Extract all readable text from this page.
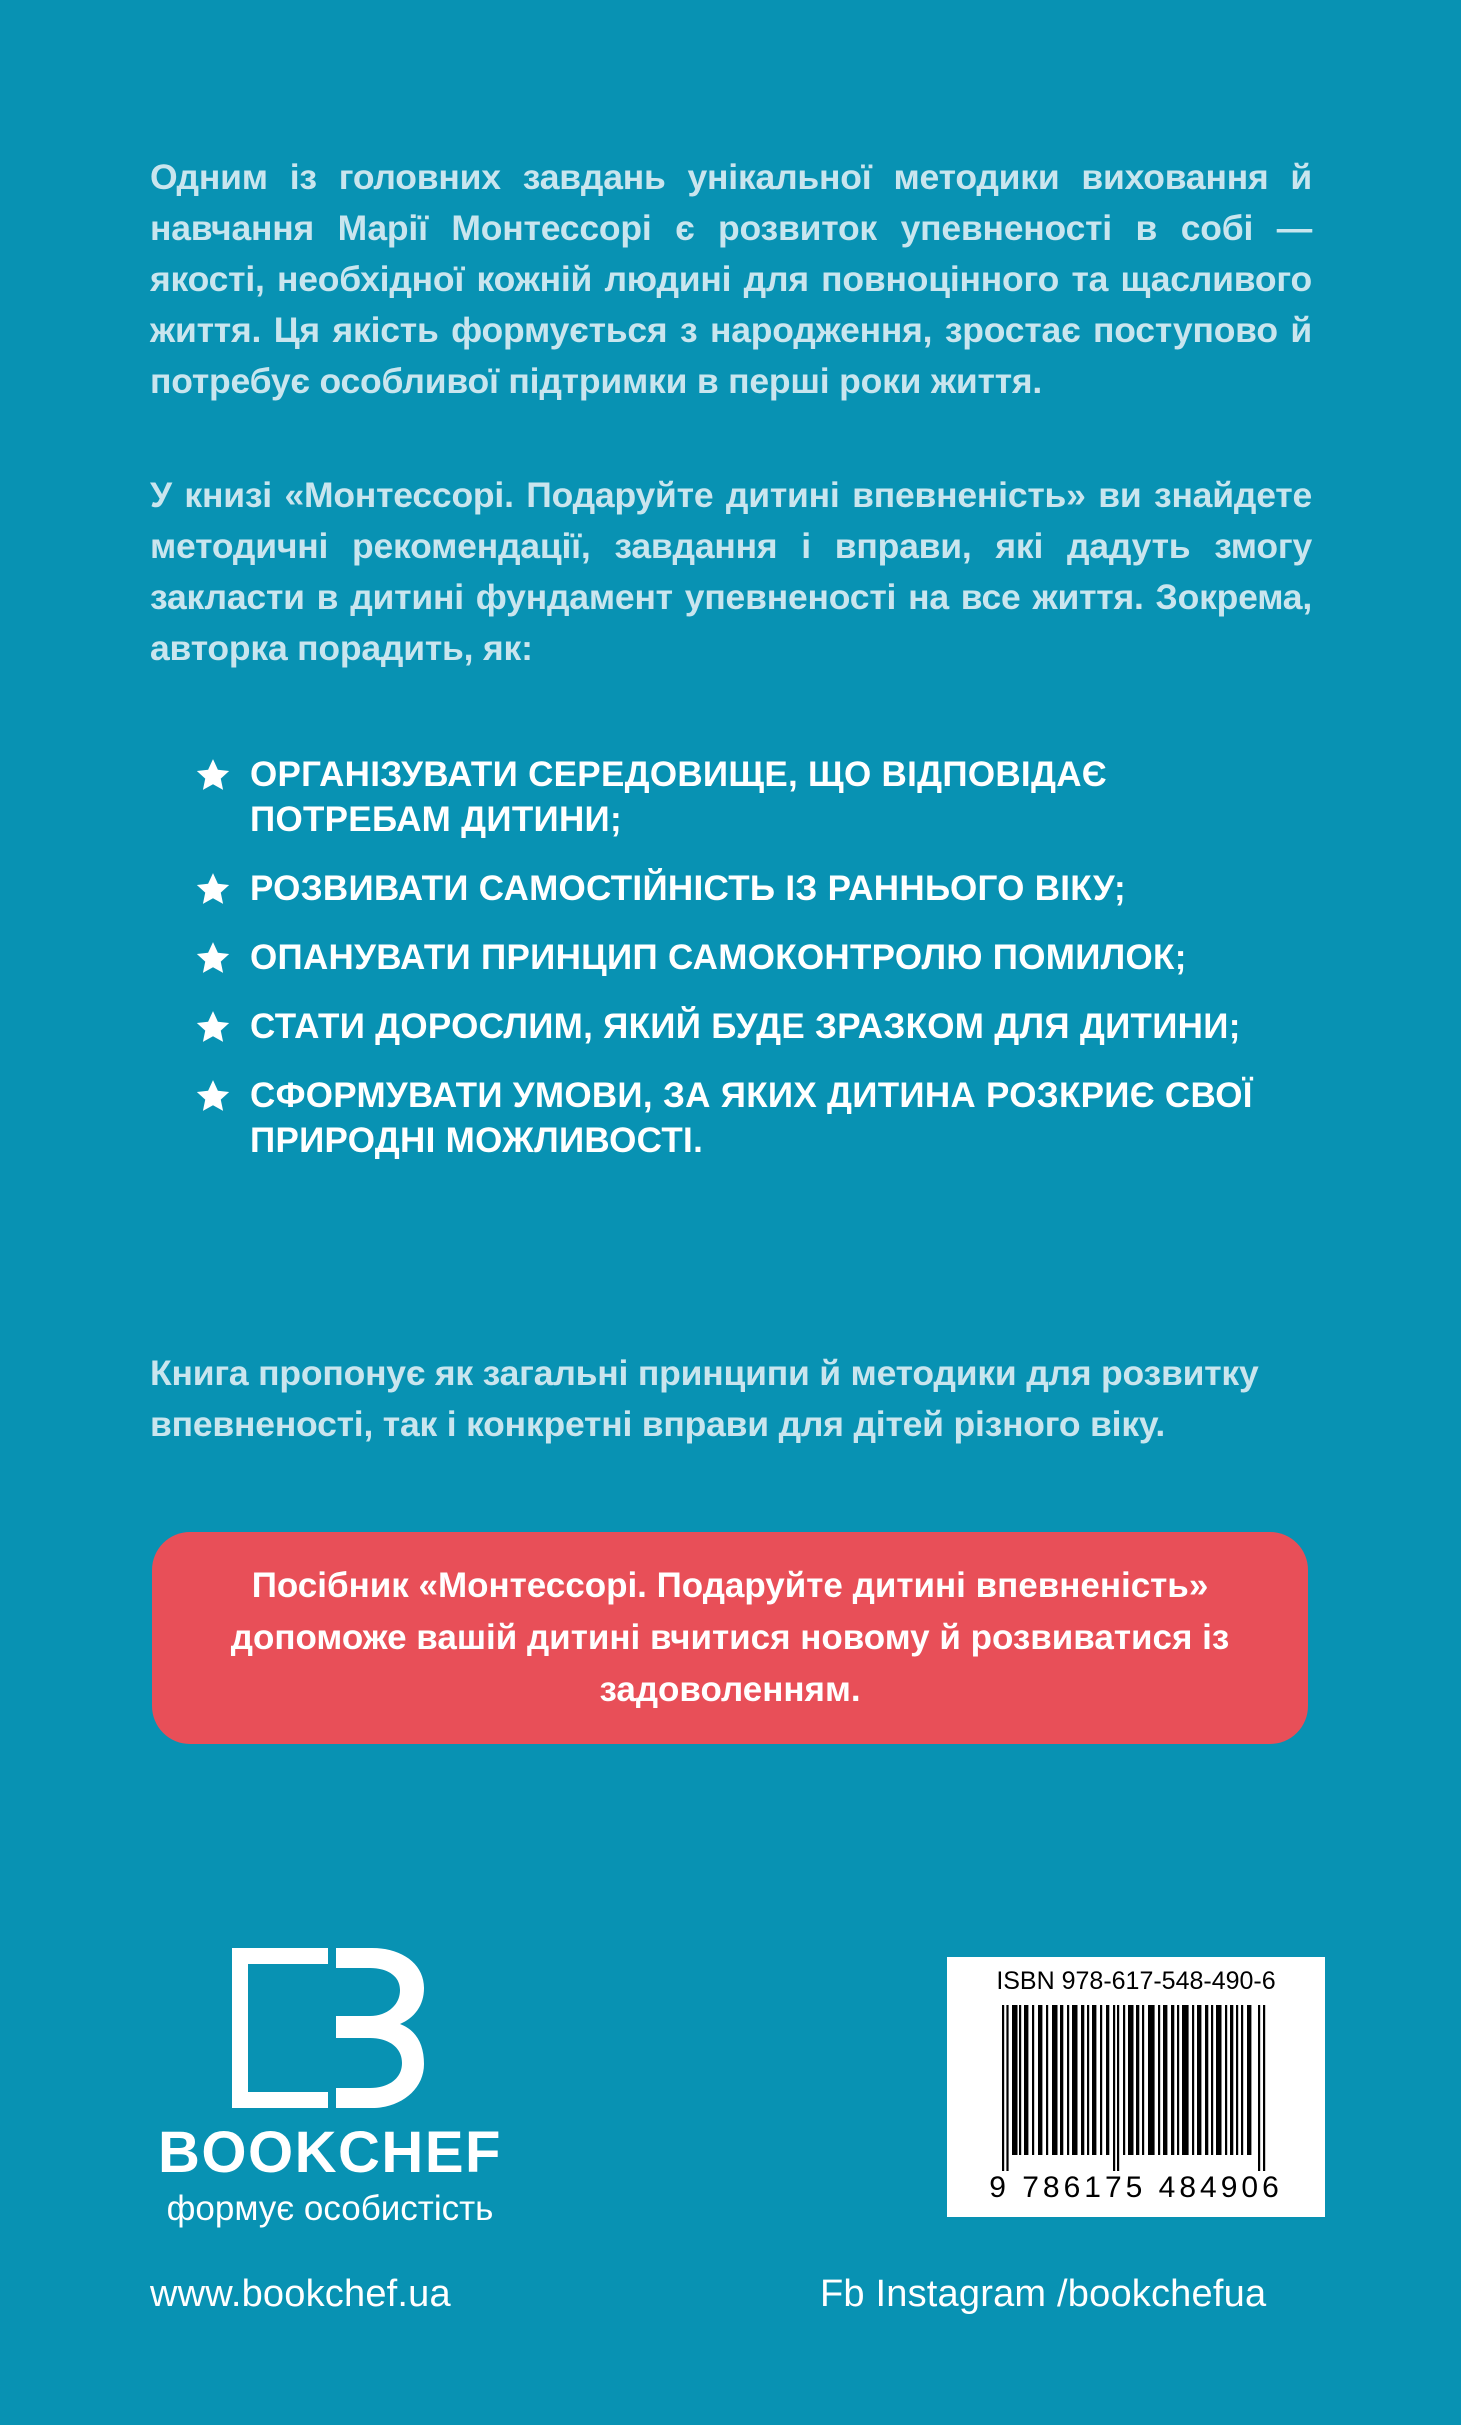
Одним із головних завдань унікальної методики виховання й навчання Марії Монтессорі є розвиток упевненості в собі — якості, необхідної кожній людині для повноцінного та щасливого життя. Ця якість формується з народження, зростає поступово й потребує особливої підтримки в перші роки життя.

У книзі «Монтессорі. Подаруйте дитині впевненість» ви знайдете методичні рекомендації, завдання і вправи, які дадуть змогу закласти в дитині фундамент упевненості на все життя. Зокрема, авторка порадить, як:

ОРГАНІЗУВАТИ СЕРЕДОВИЩЕ, ЩО ВІДПОВІДАЄ ПОТРЕБАМ ДИТИНИ;
РОЗВИВАТИ САМОСТІЙНІСТЬ ІЗ РАННЬОГО ВІКУ;
ОПАНУВАТИ ПРИНЦИП САМОКОНТРОЛЮ ПОМИЛОК;
СТАТИ ДОРОСЛИМ, ЯКИЙ БУДЕ ЗРАЗКОМ ДЛЯ ДИТИНИ;
СФОРМУВАТИ УМОВИ, ЗА ЯКИХ ДИТИНА РОЗКРИЄ СВОЇ ПРИРОДНІ МОЖЛИВОСТІ.

Книга пропонує як загальні принципи й методики для розвитку впевненості, так і конкретні вправи для дітей різного віку.

Посібник «Монтессорі. Подаруйте дитині впевненість» допоможе вашій дитині вчитися новому й розвиватися із задоволенням.
BOOKCHEF
формує особистість
www.bookchef.ua	Fb Instagram /bookchefua
ISBN 978-617-548-490-6
9 786175 484906
